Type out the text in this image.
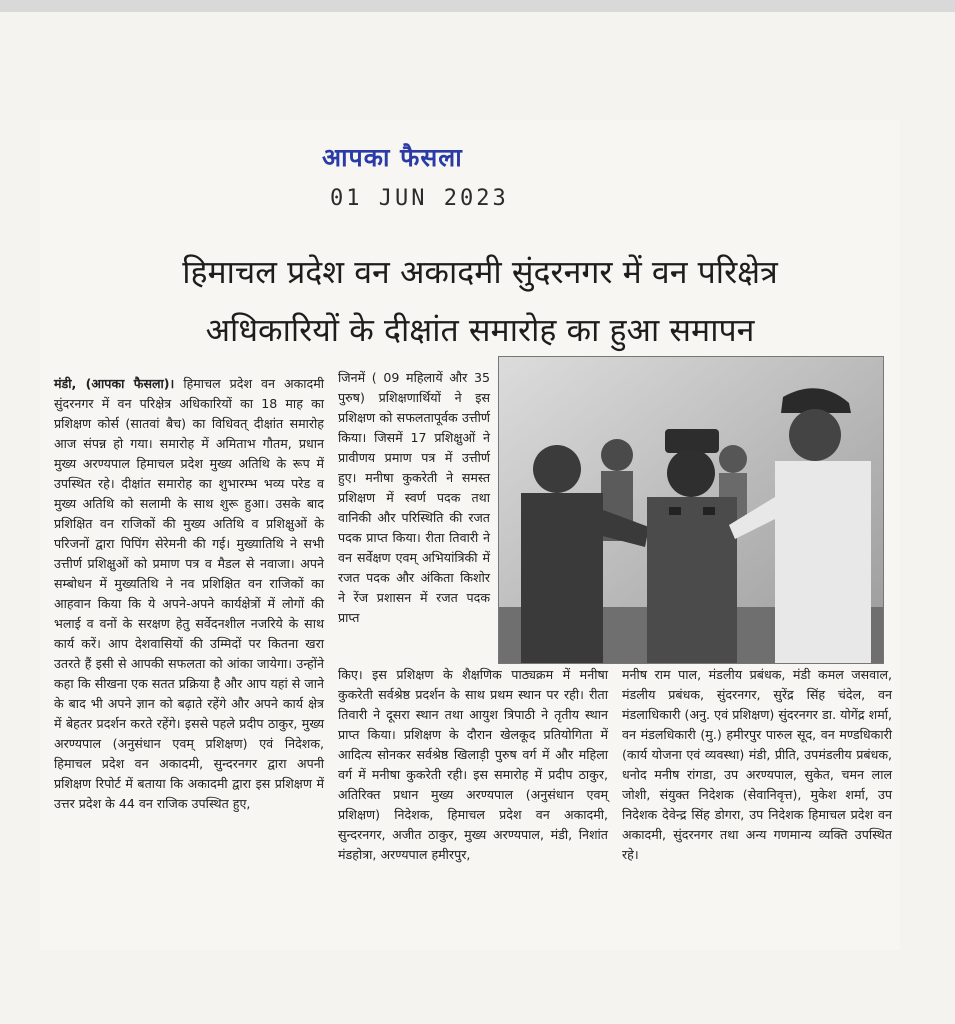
आपका फैसला
01 JUN 2023
हिमाचल प्रदेश वन अकादमी सुंदरनगर में वन परिक्षेत्र
अधिकारियों के दीक्षांत समारोह का हुआ समापन
मंडी, (आपका फैसला)। हिमाचल प्रदेश वन अकादमी सुंदरनगर में वन परिक्षेत्र अधिकारियों का 18 माह का प्रशिक्षण कोर्स (सातवां बैच) का विधिवत् दीक्षांत समारोह आज संपन्न हो गया। समारोह में अमिताभ गौतम, प्रधान मुख्य अरण्यपाल हिमाचल प्रदेश मुख्य अतिथि के रूप में उपस्थित रहे। दीक्षांत समारोह का शुभारम्भ भव्य परेड व मुख्य अतिथि को सलामी के साथ शुरू हुआ। उसके बाद प्रशिक्षित वन राजिकों की मुख्य अतिथि व प्रशिक्षुओं के परिजनों द्वारा पिपिंग सेरेमनी की गई। मुख्यातिथि ने सभी उत्तीर्ण प्रशिक्षुओं को प्रमाण पत्र व मैडल से नवाजा। अपने सम्बोधन में मुख्यतिथि ने नव प्रशिक्षित वन राजिकों का आहवान किया कि ये अपने-अपने कार्यक्षेत्रों में लोगों की भलाई व वनों के सरक्षण हेतु सर्वेदनशील नजरिये के साथ कार्य करें। आप देशवासियों की उम्मिदों पर कितना खरा उतरते हैं इसी से आपकी सफलता को आंका जायेगा। उन्होंने कहा कि सीखना एक सतत प्रक्रिया है और आप यहां से जाने के बाद भी अपने ज्ञान को बढ़ाते रहेंगे और अपने कार्य क्षेत्र में बेहतर प्रदर्शन करते रहेंगे। इससे पहले प्रदीप ठाकुर, मुख्य अरण्यपाल (अनुसंधान एवम् प्रशिक्षण) एवं निदेशक, हिमाचल प्रदेश वन अकादमी, सुन्दरनगर द्वारा अपनी प्रशिक्षण रिपोर्ट में बताया कि अकादमी द्वारा इस प्रशिक्षण में उत्तर प्रदेश के 44 वन राजिक उपस्थित हुए,
जिनमें ( 09 महिलायें और 35 पुरुष) प्रशिक्षणार्थियों ने इस प्रशिक्षण को सफलतापूर्वक उत्तीर्ण किया। जिसमें 17 प्रशिक्षुओं ने प्रावीणय प्रमाण पत्र में उत्तीर्ण हुए। मनीषा कुकरेती ने समस्त प्रशिक्षण में स्वर्ण पदक तथा वानिकी और परिस्थिति की रजत पदक प्राप्त किया। रीता तिवारी ने वन सर्वेक्षण एवम् अभियांत्रिकी में रजत पदक और अंकिता किशोर ने रेंज प्रशासन में रजत पदक प्राप्त
किए। इस प्रशिक्षण के शैक्षणिक पाठ्यक्रम में मनीषा कुकरेती सर्वश्रेष्ठ प्रदर्शन के साथ प्रथम स्थान पर रही। रीता तिवारी ने दूसरा स्थान तथा आयुश त्रिपाठी ने तृतीय स्थान प्राप्त किया। प्रशिक्षण के दौरान खेलकूद प्रतियोगिता में आदित्य सोनकर सर्वश्रेष्ठ खिलाड़ी पुरुष वर्ग में और महिला वर्ग में मनीषा कुकरेती रही। इस समारोह में प्रदीप ठाकुर, अतिरिक्त प्रधान मुख्य अरण्यपाल (अनुसंधान एवम् प्रशिक्षण) निदेशक, हिमाचल प्रदेश वन अकादमी, सुन्दरनगर, अजीत ठाकुर, मुख्य अरण्यपाल, मंडी, निशांत मंडहोत्रा, अरण्यपाल हमीरपुर,
मनीष राम पाल, मंडलीय प्रबंधक, मंडी कमल जसवाल, मंडलीय प्रबंधक, सुंदरनगर, सुरेंद्र सिंह चंदेल, वन मंडलाधिकारी (अनु. एवं प्रशिक्षण) सुंदरनगर डा. योगेंद्र शर्मा, वन मंडलधिकारी (मु.) हमीरपुर पारुल सूद, वन मण्डधिकारी (कार्य योजना एवं व्यवस्था) मंडी, प्रीति, उपमंडलीय प्रबंधक, धनोद मनीष रांगडा, उप अरण्यपाल, सुकेत, चमन लाल जोशी, संयुक्त निदेशक (सेवानिवृत्त), मुकेश शर्मा, उप निदेशक देवेन्द्र सिंह डोगरा, उप निदेशक हिमाचल प्रदेश वन अकादमी, सुंदरनगर तथा अन्य गणमान्य व्यक्ति उपस्थित रहे।
